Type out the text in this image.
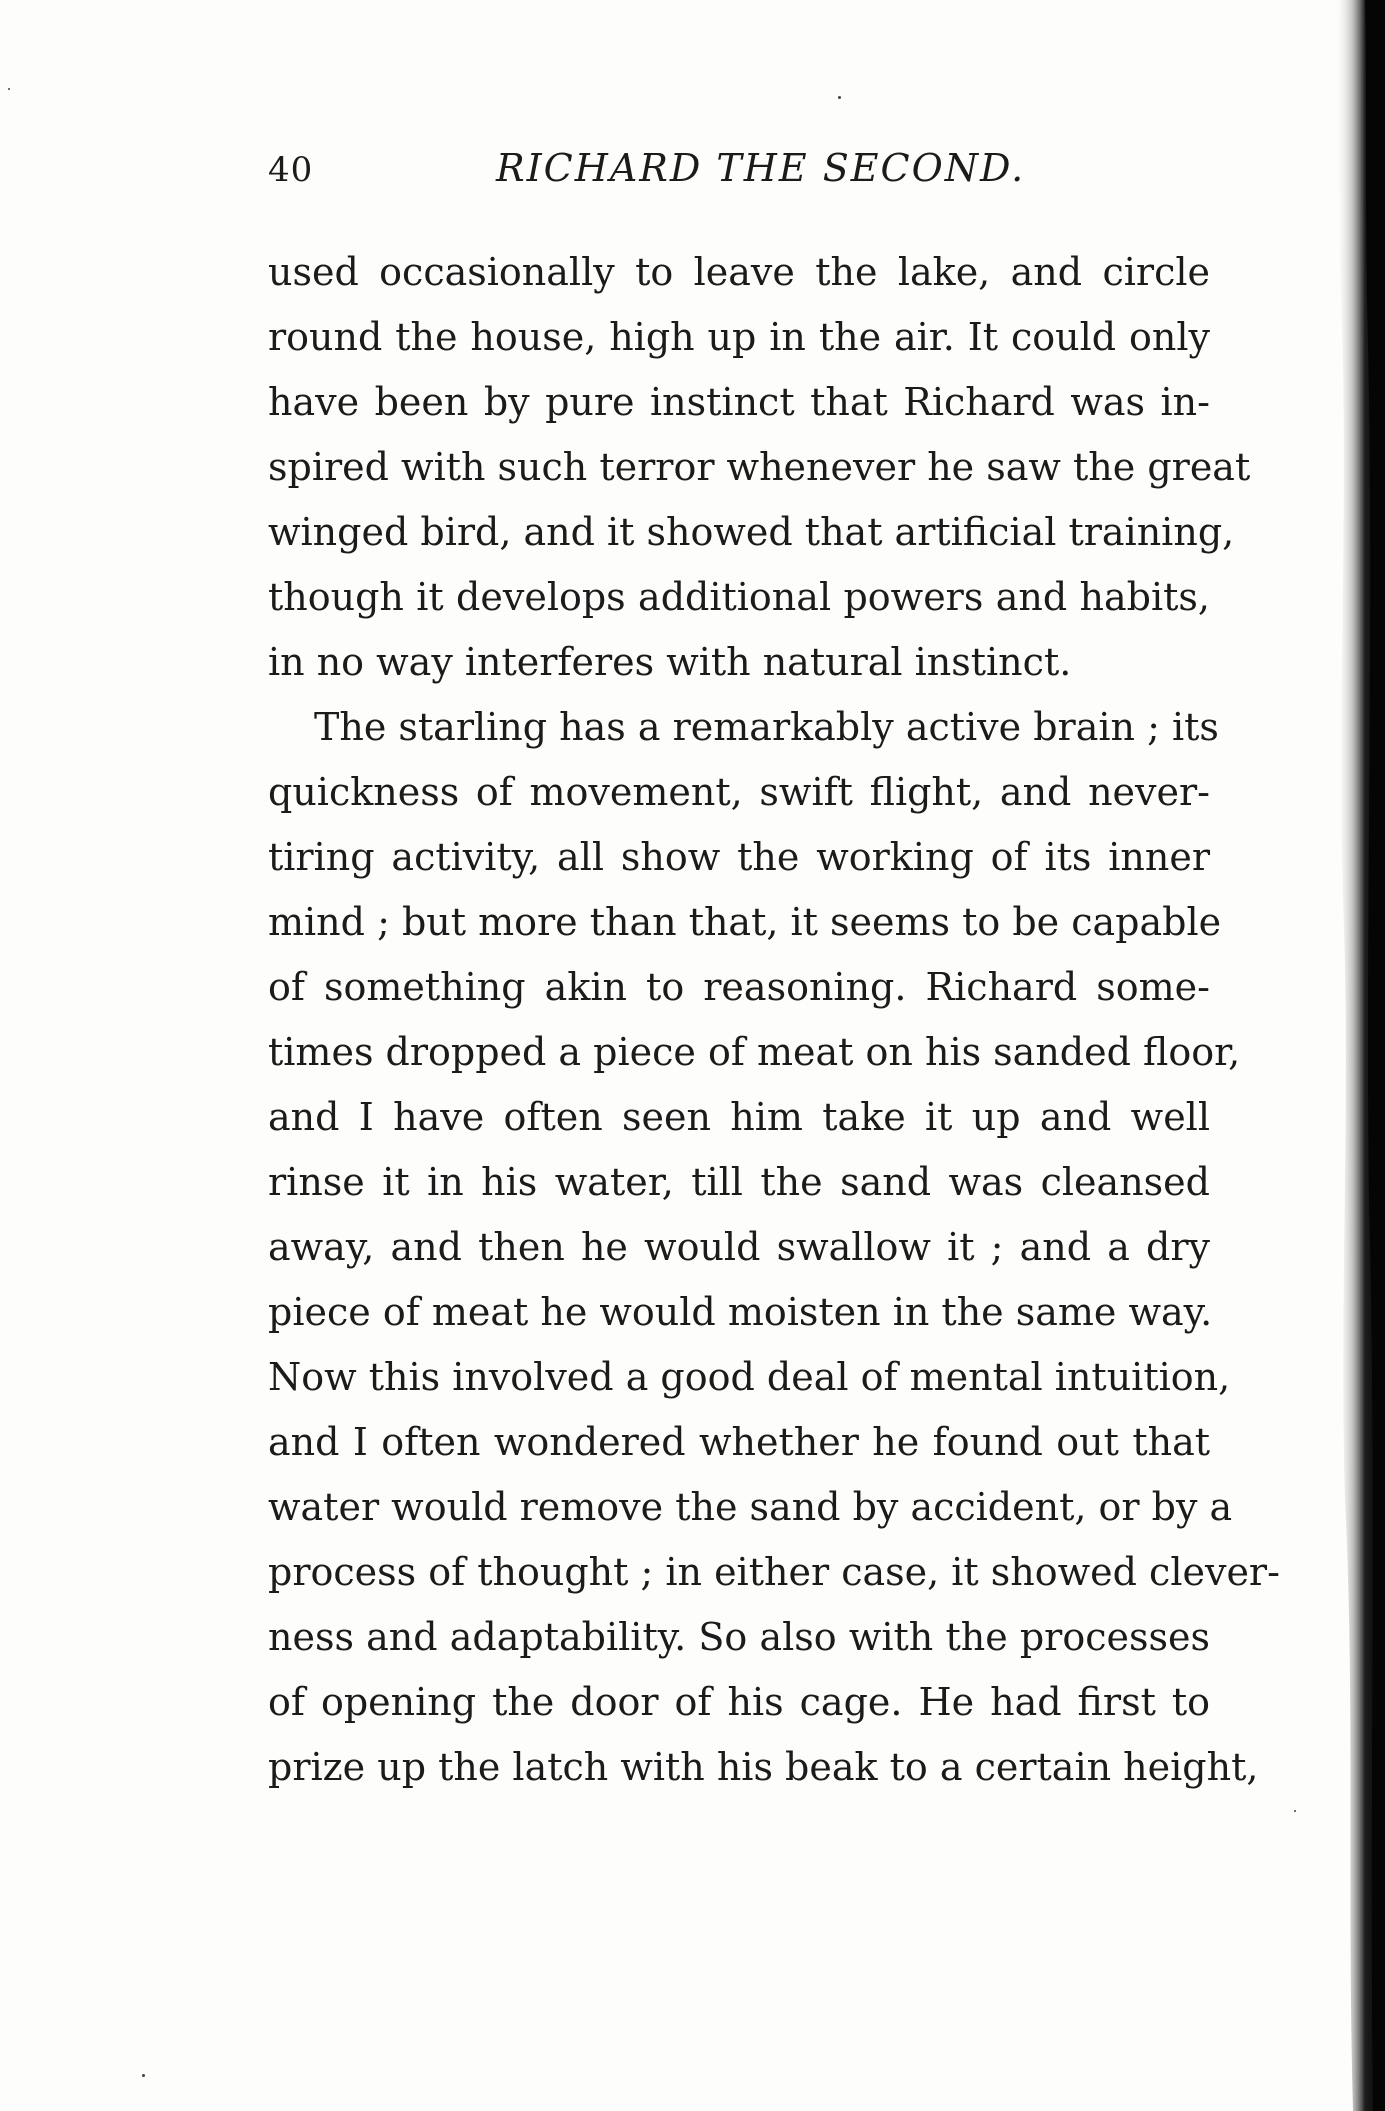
40	RICHARD THE SECOND.
used occasionally to leave the lake, and circle
round the house, high up in the air. It could only
have been by pure instinct that Richard was in-
spired with such terror whenever he saw the great
winged bird, and it showed that artificial training,
though it develops additional powers and habits,
in no way interferes with natural instinct.
The starling has a remarkably active brain ; its
quickness of movement, swift flight, and never-
tiring activity, all show the working of its inner
mind ; but more than that, it seems to be capable
of something akin to reasoning. Richard some-
times dropped a piece of meat on his sanded floor,
and I have often seen him take it up and well
rinse it in his water, till the sand was cleansed
away, and then he would swallow it ; and a dry
piece of meat he would moisten in the same way.
Now this involved a good deal of mental intuition,
and I often wondered whether he found out that
water would remove the sand by accident, or by a
process of thought ; in either case, it showed clever-
ness and adaptability. So also with the processes
of opening the door of his cage. He had first to
prize up the latch with his beak to a certain height,
